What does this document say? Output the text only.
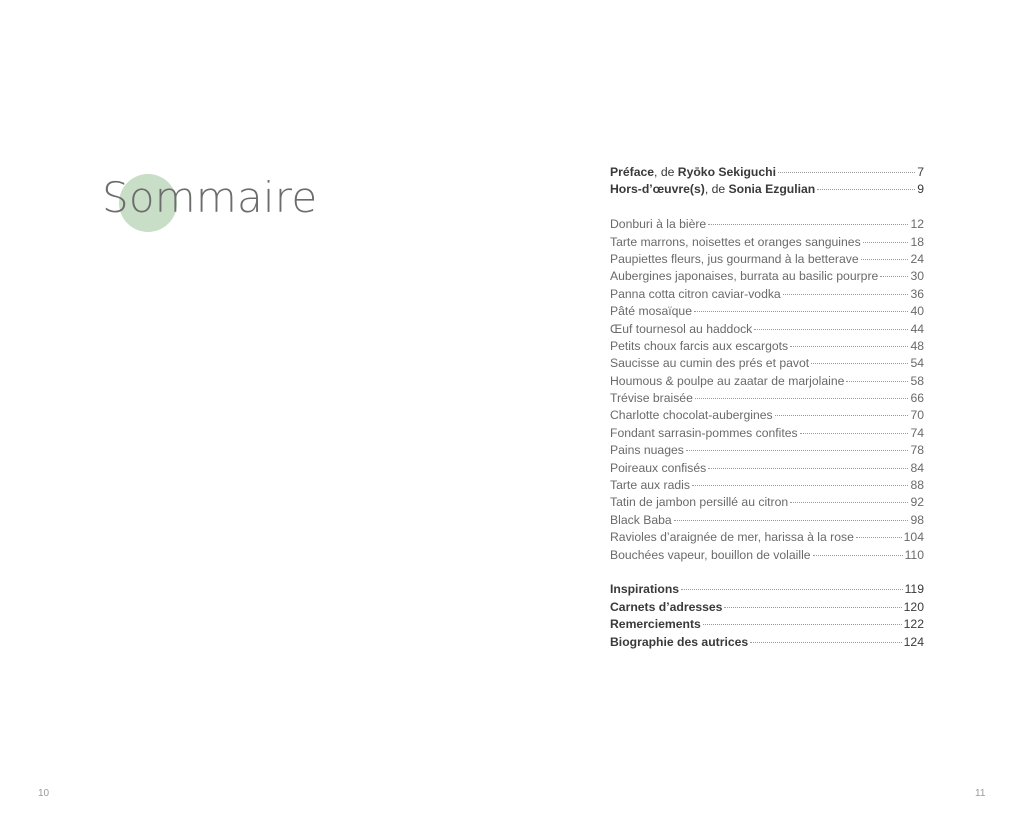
Sommaire
Préface, de Ryōko Sekiguchi	7
Hors-d’œuvre(s), de Sonia Ezgulian	9
Donburi à la bière	12
Tarte marrons, noisettes et oranges sanguines	18
Paupiettes fleurs, jus gourmand à la betterave	24
Aubergines japonaises, burrata au basilic pourpre	30
Panna cotta citron caviar-vodka	36
Pâté mosaïque	40
Œuf tournesol au haddock	44
Petits choux farcis aux escargots	48
Saucisse au cumin des prés et pavot	54
Houmous & poulpe au zaatar de marjolaine	58
Trévise braisée	66
Charlotte chocolat-aubergines	70
Fondant sarrasin-pommes confites	74
Pains nuages	78
Poireaux confisés	84
Tarte aux radis	88
Tatin de jambon persillé au citron	92
Black Baba	98
Ravioles d’araignée de mer, harissa à la rose	104
Bouchées vapeur, bouillon de volaille	110
Inspirations	119
Carnets d’adresses	120
Remerciements	122
Biographie des autrices	124
10	11
